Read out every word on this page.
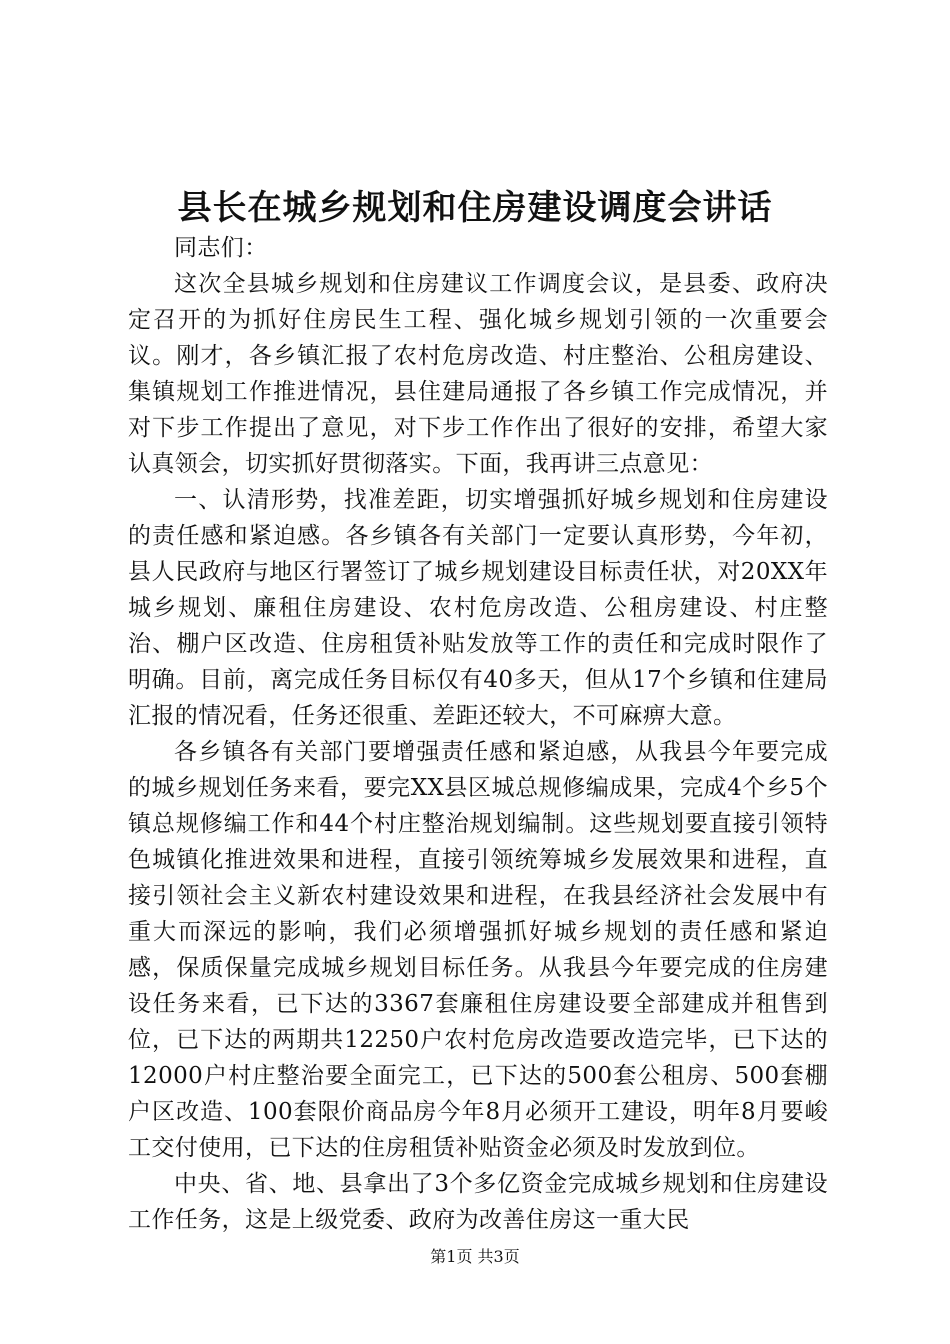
县长在城乡规划和住房建设调度会讲话

同志们：

这次全县城乡规划和住房建议工作调度会议，是县委、政府决定召开的为抓好住房民生工程、强化城乡规划引领的一次重要会议。刚才，各乡镇汇报了农村危房改造、村庄整治、公租房建设、集镇规划工作推进情况，县住建局通报了各乡镇工作完成情况，并对下步工作提出了意见，对下步工作作出了很好的安排，希望大家认真领会，切实抓好贯彻落实。下面，我再讲三点意见：

一、认清形势，找准差距，切实增强抓好城乡规划和住房建设的责任感和紧迫感。各乡镇各有关部门一定要认真形势，今年初，县人民政府与地区行署签订了城乡规划建设目标责任状，对20XX年城乡规划、廉租住房建设、农村危房改造、公租房建设、村庄整治、棚户区改造、住房租赁补贴发放等工作的责任和完成时限作了明确。目前，离完成任务目标仅有40多天，但从17个乡镇和住建局汇报的情况看，任务还很重、差距还较大，不可麻痹大意。

各乡镇各有关部门要增强责任感和紧迫感，从我县今年要完成的城乡规划任务来看，要完XX县区城总规修编成果，完成4个乡5个镇总规修编工作和44个村庄整治规划编制。这些规划要直接引领特色城镇化推进效果和进程，直接引领统筹城乡发展效果和进程，直接引领社会主义新农村建设效果和进程，在我县经济社会发展中有重大而深远的影响，我们必须增强抓好城乡规划的责任感和紧迫感，保质保量完成城乡规划目标任务。从我县今年要完成的住房建设任务来看，已下达的3367套廉租住房建设要全部建成并租售到位，已下达的两期共12250户农村危房改造要改造完毕，已下达的12000户村庄整治要全面完工，已下达的500套公租房、500套棚户区改造、100套限价商品房今年8月必须开工建设，明年8月要峻工交付使用，已下达的住房租赁补贴资金必须及时发放到位。

中央、省、地、县拿出了3个多亿资金完成城乡规划和住房建设工作任务，这是上级党委、政府为改善住房这一重大民

第1页 共3页
